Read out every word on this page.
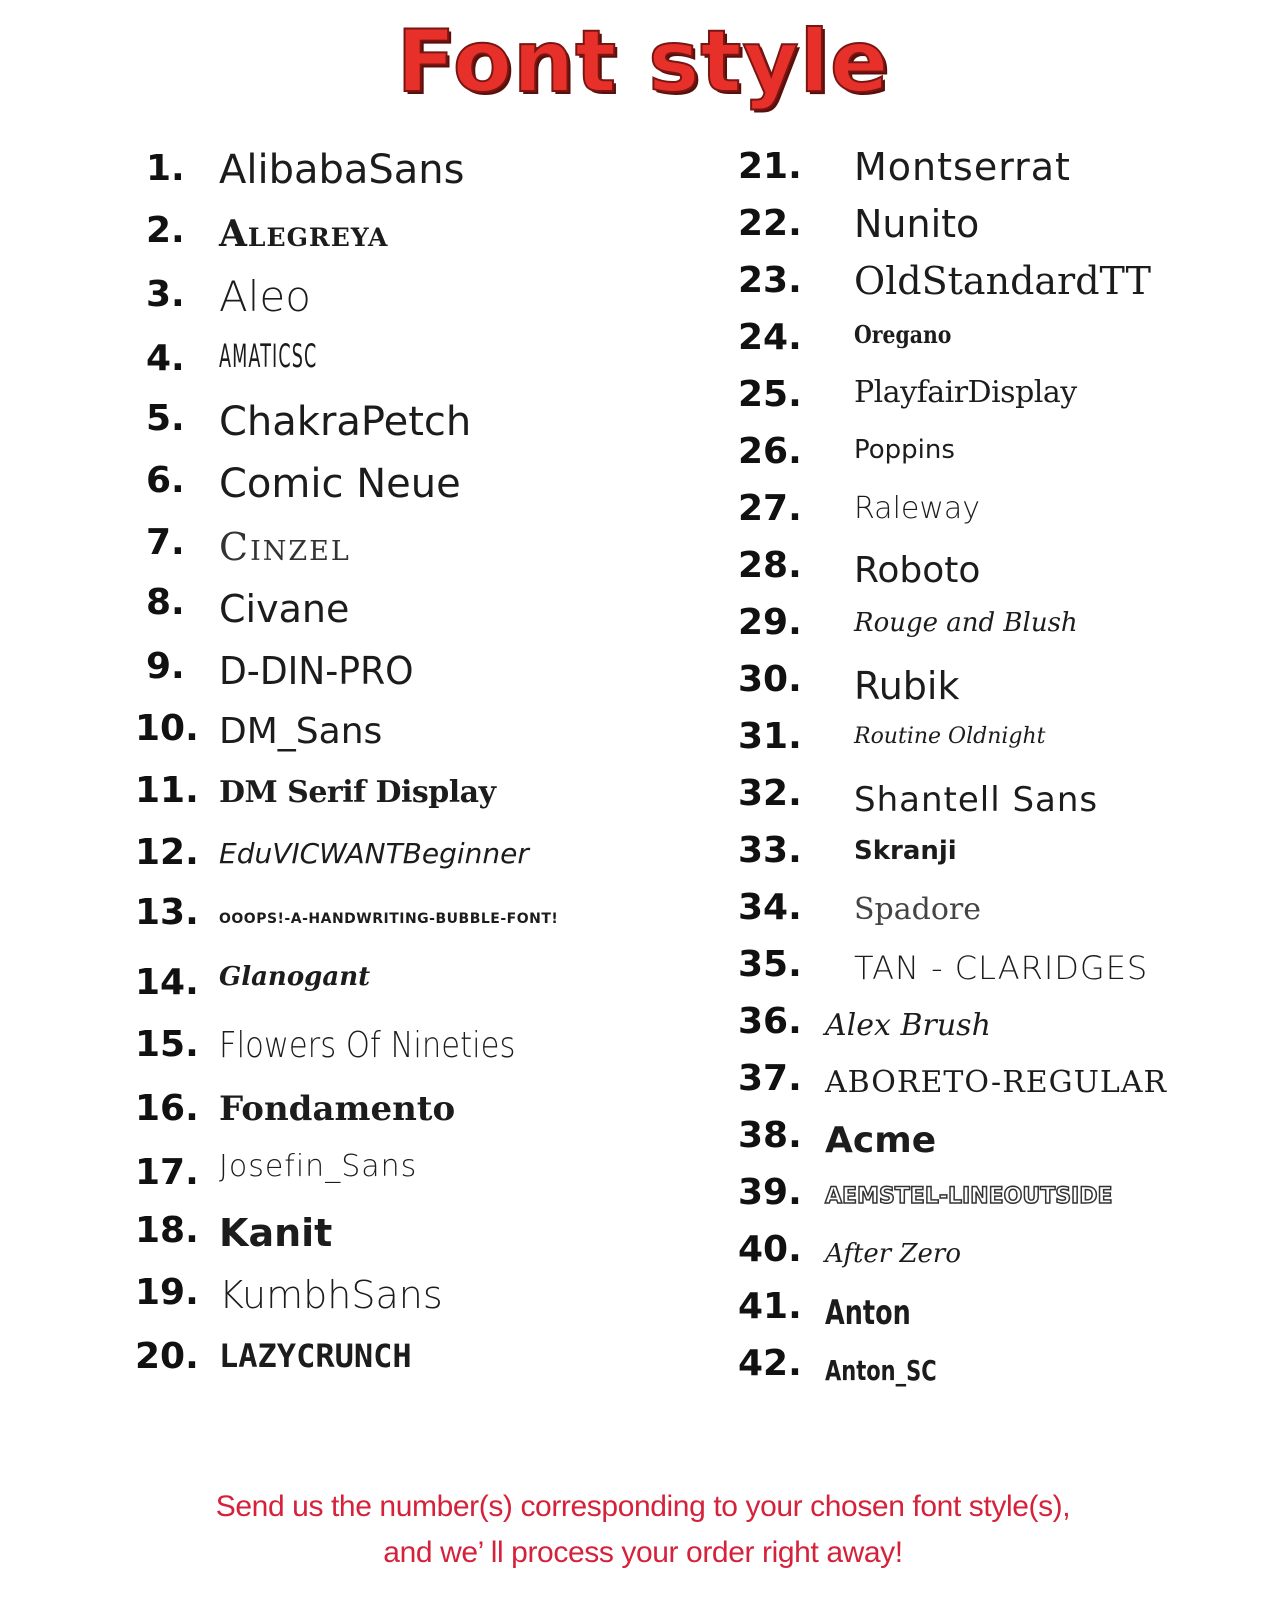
Font style
1. AlibabaSans
2. Alegreya
3. Aleo
4. AMATICSC
5. ChakraPetch
6. Comic Neue
7. Cinzel
8. Civane
9. D-DIN-PRO
10. DM_Sans
11. DM Serif Display
12. EduVICWANTBeginner
13. OOOPS!-A-HANDWRITING-BUBBLE-FONT!
14. Glanogant
15. Flowers Of Nineties
16. Fondamento
17. Josefin_Sans
18. Kanit
19. KumbhSans
20. LAZYCRUNCH
21. Montserrat
22. Nunito
23. OldStandardTT
24. Oregano
25. PlayfairDisplay
26. Poppins
27. Raleway
28. Roboto
29. Rouge and Blush
30. Rubik
31. Routine Oldnight
32. Shantell Sans
33. Skranji
34. Spadore
35. TAN - CLARIDGES
36. Alex Brush
37. ABORETO-REGULAR
38. Acme
39. AEMSTEL-LINEOUTSIDE
40. After Zero
41. Anton
42. Anton_SC
Send us the number(s) corresponding to your chosen font style(s),
and we’ ll process your order right away!
